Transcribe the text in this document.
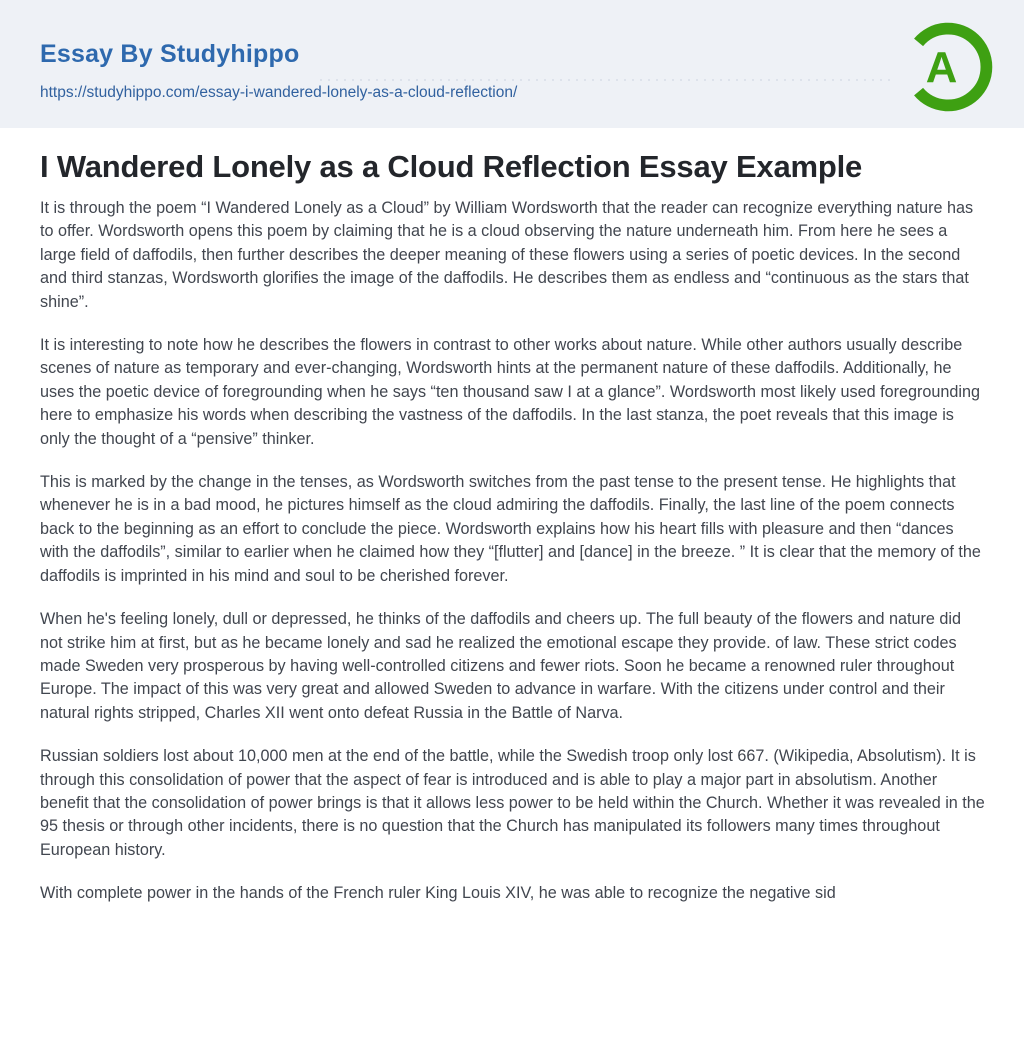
Essay By Studyhippo
https://studyhippo.com/essay-i-wandered-lonely-as-a-cloud-reflection/
A
I Wandered Lonely as a Cloud Reflection Essay Example

It is through the poem “I Wandered Lonely as a Cloud” by William Wordsworth that the reader can recognize everything nature has to offer. Wordsworth opens this poem by claiming that he is a cloud observing the nature underneath him. From here he sees a large field of daffodils, then further describes the deeper meaning of these flowers using a series of poetic devices. In the second and third stanzas, Wordsworth glorifies the image of the daffodils. He describes them as endless and “continuous as the stars that shine”.

It is interesting to note how he describes the flowers in contrast to other works about nature. While other authors usually describe scenes of nature as temporary and ever-changing, Wordsworth hints at the permanent nature of these daffodils. Additionally, he uses the poetic device of foregrounding when he says “ten thousand saw I at a glance”. Wordsworth most likely used foregrounding here to emphasize his words when describing the vastness of the daffodils. In the last stanza, the poet reveals that this image is only the thought of a “pensive” thinker.

This is marked by the change in the tenses, as Wordsworth switches from the past tense to the present tense. He highlights that whenever he is in a bad mood, he pictures himself as the cloud admiring the daffodils. Finally, the last line of the poem connects back to the beginning as an effort to conclude the piece. Wordsworth explains how his heart fills with pleasure and then “dances with the daffodils”, similar to earlier when he claimed how they “[flutter] and [dance] in the breeze. ” It is clear that the memory of the daffodils is imprinted in his mind and soul to be cherished forever.

When he's feeling lonely, dull or depressed, he thinks of the daffodils and cheers up. The full beauty of the flowers and nature did not strike him at first, but as he became lonely and sad he realized the emotional escape they provide. of law. These strict codes made Sweden very prosperous by having well-controlled citizens and fewer riots. Soon he became a renowned ruler throughout Europe. The impact of this was very great and allowed Sweden to advance in warfare. With the citizens under control and their natural rights stripped, Charles XII went onto defeat Russia in the Battle of Narva.

Russian soldiers lost about 10,000 men at the end of the battle, while the Swedish troop only lost 667. (Wikipedia, Absolutism). It is through this consolidation of power that the aspect of fear is introduced and is able to play a major part in absolutism. Another benefit that the consolidation of power brings is that it allows less power to be held within the Church. Whether it was revealed in the 95 thesis or through other incidents, there is no question that the Church has manipulated its followers many times throughout European history.

With complete power in the hands of the French ruler King Louis XIV, he was able to recognize the negative sid
